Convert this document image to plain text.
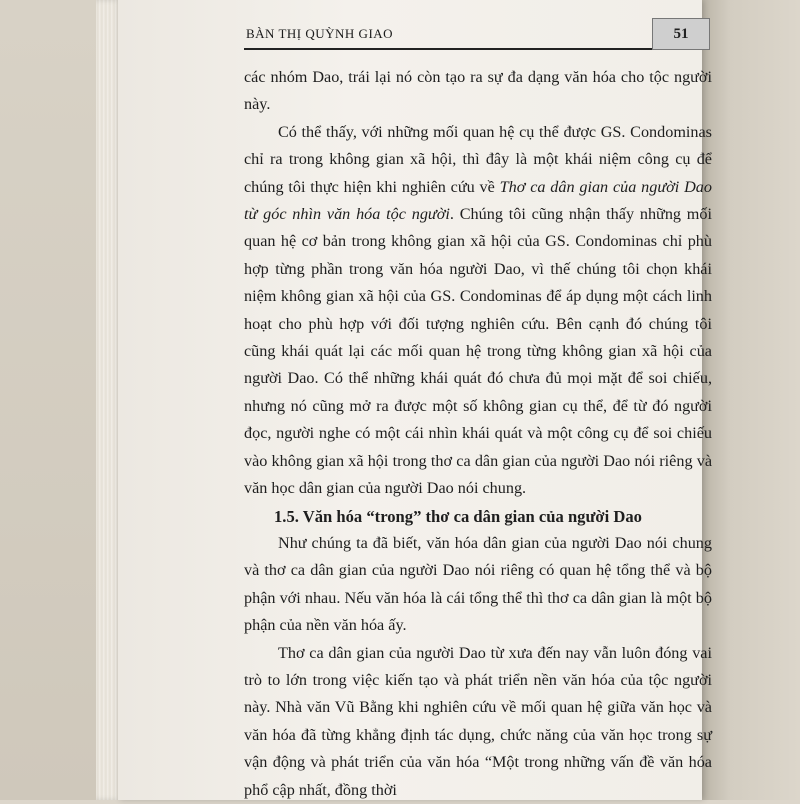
BÀN THỊ QUỲNH GIAO	51

các nhóm Dao, trái lại nó còn tạo ra sự đa dạng văn hóa cho tộc người này.

Có thể thấy, với những mối quan hệ cụ thể được GS. Condominas chỉ ra trong không gian xã hội, thì đây là một khái niệm công cụ để chúng tôi thực hiện khi nghiên cứu về Thơ ca dân gian của người Dao từ góc nhìn văn hóa tộc người. Chúng tôi cũng nhận thấy những mối quan hệ cơ bản trong không gian xã hội của GS. Condominas chỉ phù hợp từng phần trong văn hóa người Dao, vì thế chúng tôi chọn khái niệm không gian xã hội của GS. Condominas để áp dụng một cách linh hoạt cho phù hợp với đối tượng nghiên cứu. Bên cạnh đó chúng tôi cũng khái quát lại các mối quan hệ trong từng không gian xã hội của người Dao. Có thể những khái quát đó chưa đủ mọi mặt để soi chiếu, nhưng nó cũng mở ra được một số không gian cụ thể, để từ đó người đọc, người nghe có một cái nhìn khái quát và một công cụ để soi chiếu vào không gian xã hội trong thơ ca dân gian của người Dao nói riêng và văn học dân gian của người Dao nói chung.

1.5. Văn hóa “trong” thơ ca dân gian của người Dao

Như chúng ta đã biết, văn hóa dân gian của người Dao nói chung và thơ ca dân gian của người Dao nói riêng có quan hệ tổng thể và bộ phận với nhau. Nếu văn hóa là cái tổng thể thì thơ ca dân gian là một bộ phận của nền văn hóa ấy.

Thơ ca dân gian của người Dao từ xưa đến nay vẫn luôn đóng vai trò to lớn trong việc kiến tạo và phát triển nền văn hóa của tộc người này. Nhà văn Vũ Bằng khi nghiên cứu về mối quan hệ giữa văn học và văn hóa đã từng khẳng định tác dụng, chức năng của văn học trong sự vận động và phát triển của văn hóa “Một trong những vấn đề văn hóa phổ cập nhất, đồng thời
